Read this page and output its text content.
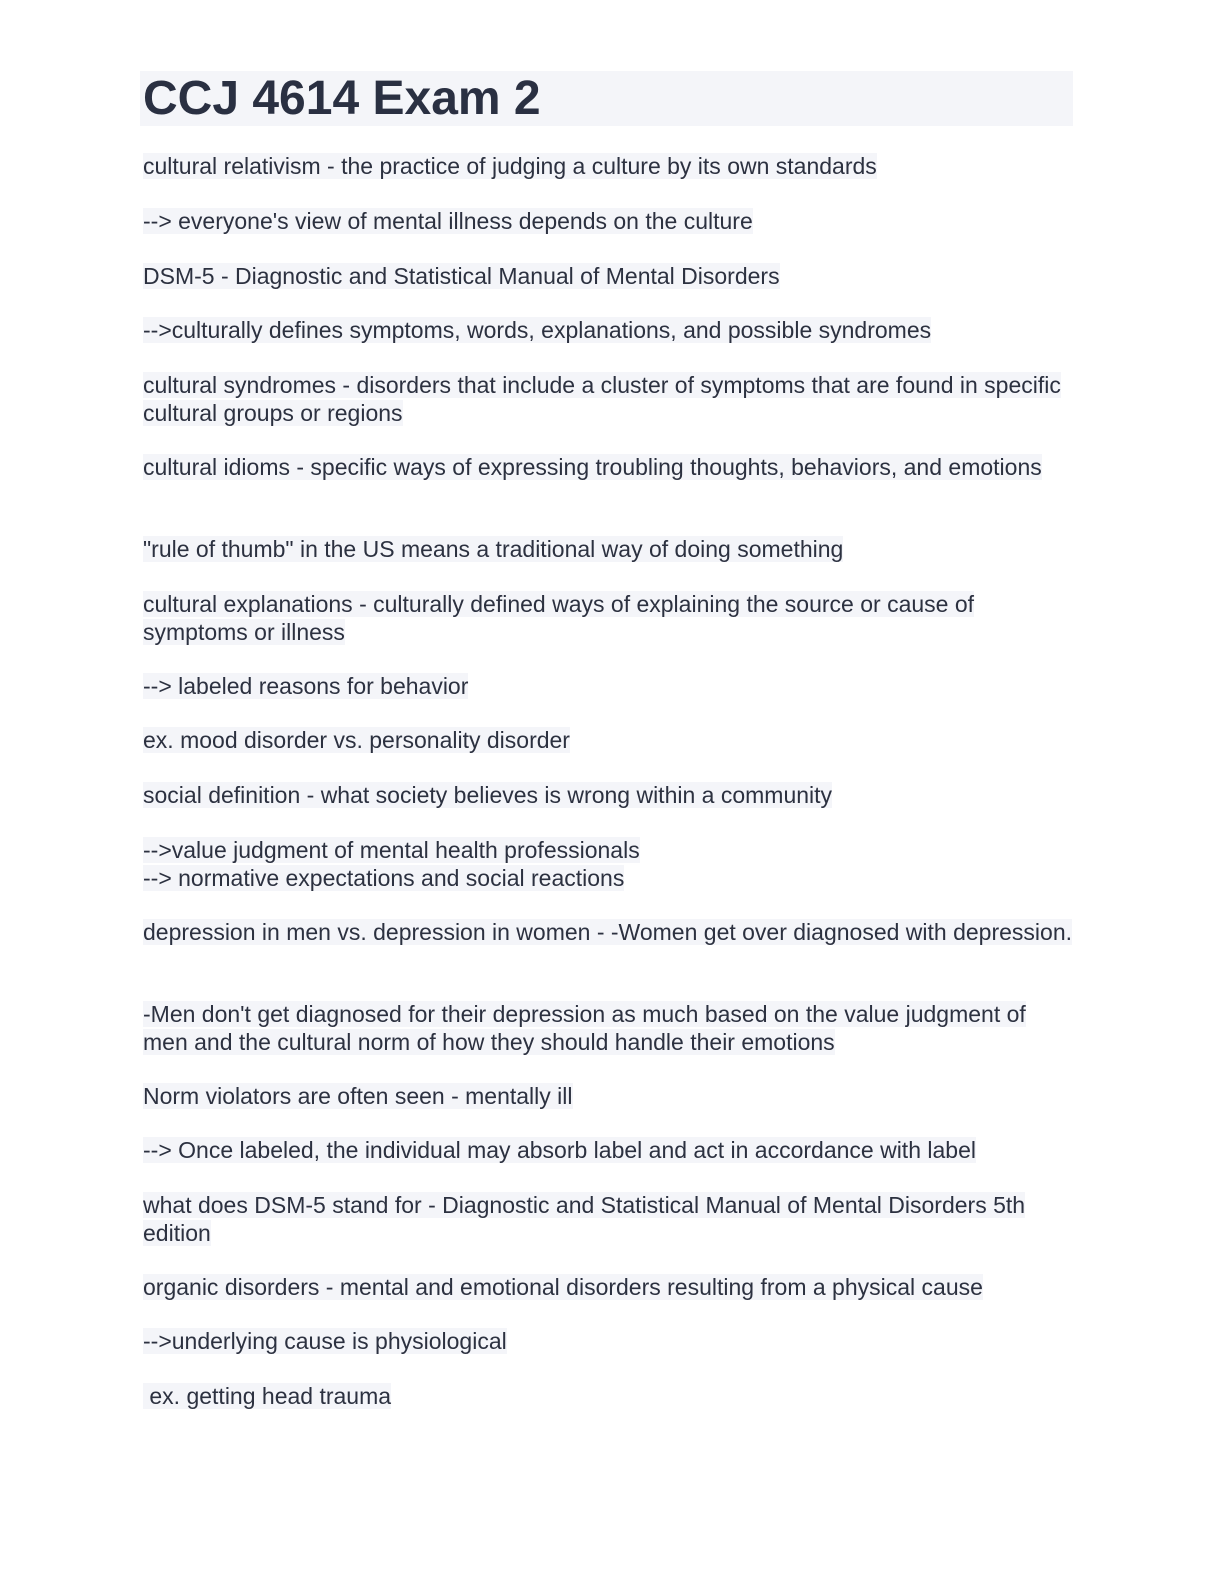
CCJ 4614 Exam 2

cultural relativism - the practice of judging a culture by its own standards

--> everyone's view of mental illness depends on the culture

DSM-5 - Diagnostic and Statistical Manual of Mental Disorders

-->culturally defines symptoms, words, explanations, and possible syndromes

cultural syndromes - disorders that include a cluster of symptoms that are found in specific cultural groups or regions

cultural idioms - specific ways of expressing troubling thoughts, behaviors, and emotions

"rule of thumb" in the US means a traditional way of doing something

cultural explanations - culturally defined ways of explaining the source or cause of symptoms or illness

--> labeled reasons for behavior

ex. mood disorder vs. personality disorder

social definition - what society believes is wrong within a community

-->value judgment of mental health professionals
--> normative expectations and social reactions

depression in men vs. depression in women - -Women get over diagnosed with depression.

-Men don't get diagnosed for their depression as much based on the value judgment of men and the cultural norm of how they should handle their emotions

Norm violators are often seen - mentally ill

--> Once labeled, the individual may absorb label and act in accordance with label

what does DSM-5 stand for - Diagnostic and Statistical Manual of Mental Disorders 5th edition

organic disorders - mental and emotional disorders resulting from a physical cause

-->underlying cause is physiological

ex. getting head trauma
